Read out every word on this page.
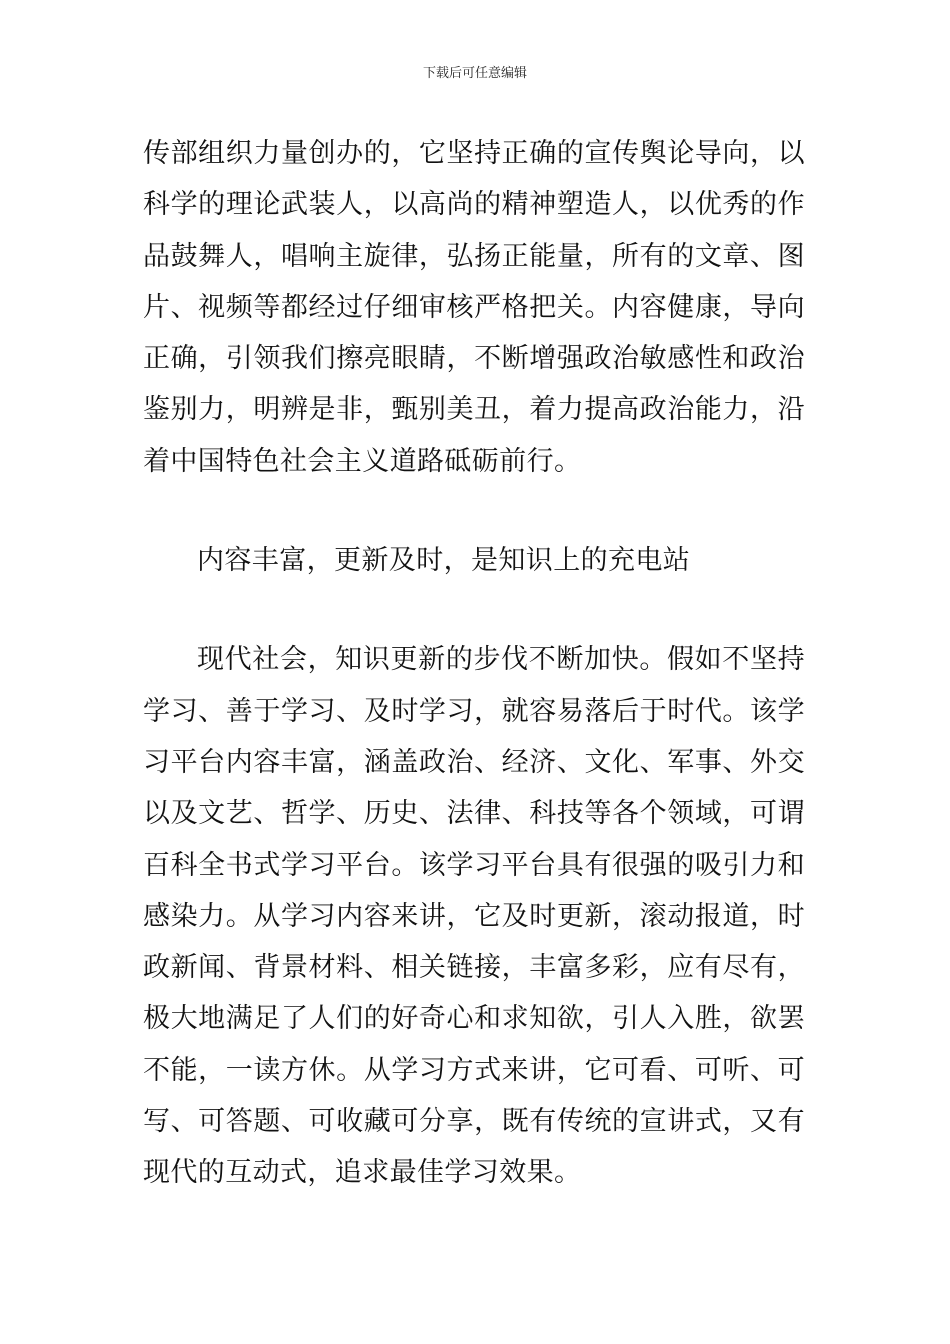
下载后可任意编辑

传部组织力量创办的，它坚持正确的宣传舆论导向，以科学的理论武装人，以高尚的精神塑造人，以优秀的作品鼓舞人，唱响主旋律，弘扬正能量，所有的文章、图片、视频等都经过仔细审核严格把关。内容健康，导向正确，引领我们擦亮眼睛，不断增强政治敏感性和政治鉴别力，明辨是非，甄别美丑，着力提高政治能力，沿着中国特色社会主义道路砥砺前行。

内容丰富，更新及时，是知识上的充电站

现代社会，知识更新的步伐不断加快。假如不坚持学习、善于学习、及时学习，就容易落后于时代。该学习平台内容丰富，涵盖政治、经济、文化、军事、外交以及文艺、哲学、历史、法律、科技等各个领域，可谓百科全书式学习平台。该学习平台具有很强的吸引力和感染力。从学习内容来讲，它及时更新，滚动报道，时政新闻、背景材料、相关链接，丰富多彩，应有尽有，极大地满足了人们的好奇心和求知欲，引人入胜，欲罢不能，一读方休。从学习方式来讲，它可看、可听、可写、可答题、可收藏可分享，既有传统的宣讲式，又有现代的互动式，追求最佳学习效果。
